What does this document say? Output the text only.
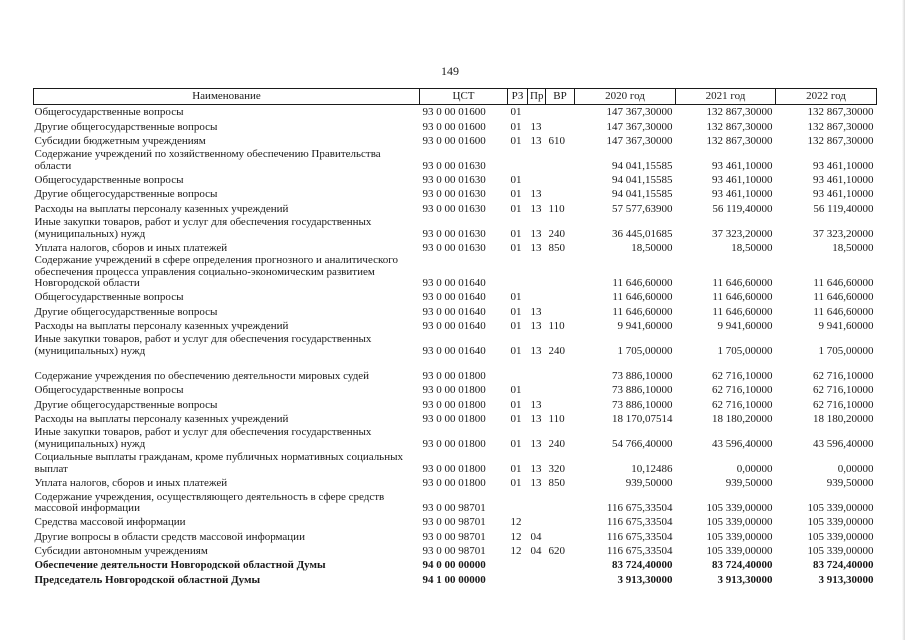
149
Наименование	ЦСТ	РЗ	Пр	ВР	2020 год	2021 год	2022 год
Общегосударственные вопросы	93 0 00 01600	01			147 367,30000	132 867,30000	132 867,30000
Другие общегосударственные вопросы	93 0 00 01600	01	13		147 367,30000	132 867,30000	132 867,30000
Субсидии бюджетным учреждениям	93 0 00 01600	01	13	610	147 367,30000	132 867,30000	132 867,30000
Содержание учреждений по хозяйственному обеспечению Правительства области	93 0 00 01630				94 041,15585	93 461,10000	93 461,10000
Общегосударственные вопросы	93 0 00 01630	01			94 041,15585	93 461,10000	93 461,10000
Другие общегосударственные вопросы	93 0 00 01630	01	13		94 041,15585	93 461,10000	93 461,10000
Расходы на выплаты персоналу казенных учреждений	93 0 00 01630	01	13	110	57 577,63900	56 119,40000	56 119,40000
Иные закупки товаров, работ и услуг для обеспечения государственных (муниципальных) нужд	93 0 00 01630	01	13	240	36 445,01685	37 323,20000	37 323,20000
Уплата налогов, сборов и иных платежей	93 0 00 01630	01	13	850	18,50000	18,50000	18,50000
Содержание учреждений в сфере определения прогнозного и аналитического обеспечения процесса управления социально-экономическим развитием Новгородской области	93 0 00 01640				11 646,60000	11 646,60000	11 646,60000
Общегосударственные вопросы	93 0 00 01640	01			11 646,60000	11 646,60000	11 646,60000
Другие общегосударственные вопросы	93 0 00 01640	01	13		11 646,60000	11 646,60000	11 646,60000
Расходы на выплаты персоналу казенных учреждений	93 0 00 01640	01	13	110	9 941,60000	9 941,60000	9 941,60000
Иные закупки товаров, работ и услуг для обеспечения государственных (муниципальных) нужд	93 0 00 01640	01	13	240	1 705,00000	1 705,00000	1 705,00000
Содержание учреждения по обеспечению деятельности мировых судей	93 0 00 01800				73 886,10000	62 716,10000	62 716,10000
Общегосударственные вопросы	93 0 00 01800	01			73 886,10000	62 716,10000	62 716,10000
Другие общегосударственные вопросы	93 0 00 01800	01	13		73 886,10000	62 716,10000	62 716,10000
Расходы на выплаты персоналу казенных учреждений	93 0 00 01800	01	13	110	18 170,07514	18 180,20000	18 180,20000
Иные закупки товаров, работ и услуг для обеспечения государственных (муниципальных) нужд	93 0 00 01800	01	13	240	54 766,40000	43 596,40000	43 596,40000
Социальные выплаты гражданам, кроме публичных нормативных социальных выплат	93 0 00 01800	01	13	320	10,12486	0,00000	0,00000
Уплата налогов, сборов и иных платежей	93 0 00 01800	01	13	850	939,50000	939,50000	939,50000
Содержание учреждения, осуществляющего деятельность в сфере средств массовой информации	93 0 00 98701				116 675,33504	105 339,00000	105 339,00000
Средства массовой информации	93 0 00 98701	12			116 675,33504	105 339,00000	105 339,00000
Другие вопросы в области средств массовой информации	93 0 00 98701	12	04		116 675,33504	105 339,00000	105 339,00000
Субсидии автономным учреждениям	93 0 00 98701	12	04	620	116 675,33504	105 339,00000	105 339,00000
Обеспечение деятельности Новгородской областной Думы	94 0 00 00000				83 724,40000	83 724,40000	83 724,40000
Председатель Новгородской областной Думы	94 1 00 00000				3 913,30000	3 913,30000	3 913,30000
